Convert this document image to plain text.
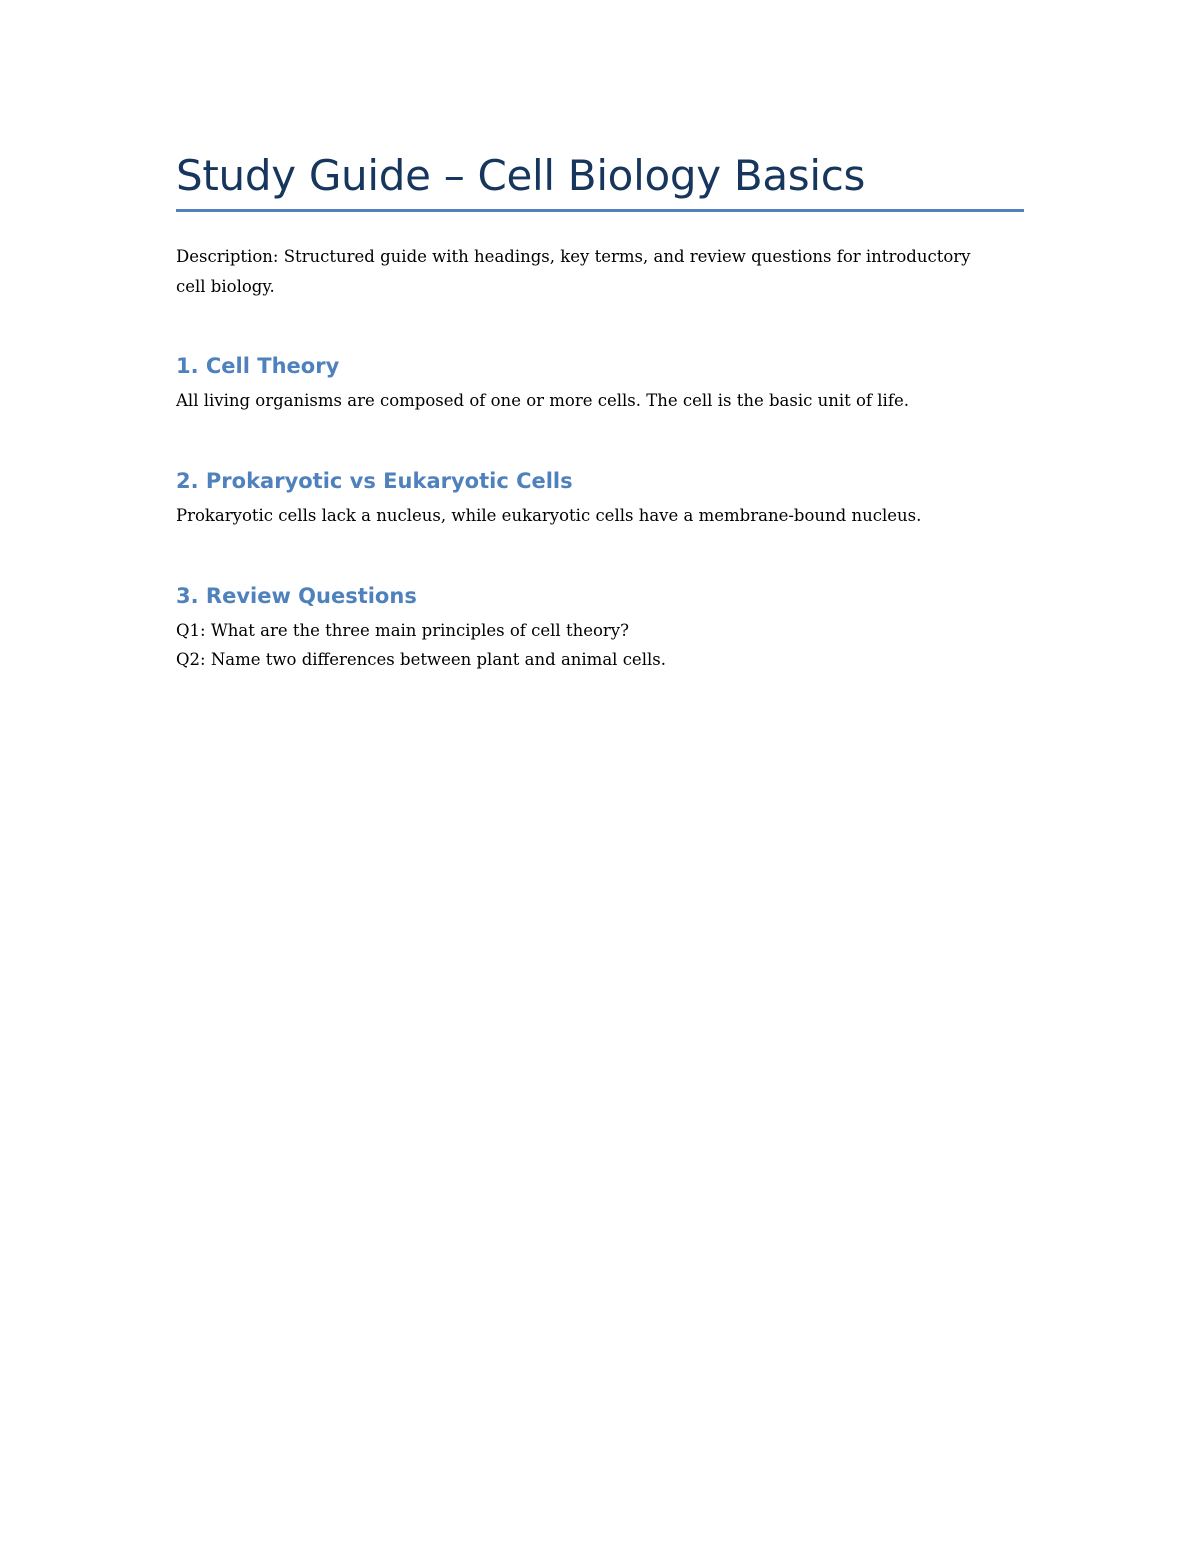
Study Guide – Cell Biology Basics

Description: Structured guide with headings, key terms, and review questions for introductory cell biology.

1. Cell Theory

All living organisms are composed of one or more cells. The cell is the basic unit of life.

2. Prokaryotic vs Eukaryotic Cells

Prokaryotic cells lack a nucleus, while eukaryotic cells have a membrane-bound nucleus.

3. Review Questions

Q1: What are the three main principles of cell theory?

Q2: Name two differences between plant and animal cells.
